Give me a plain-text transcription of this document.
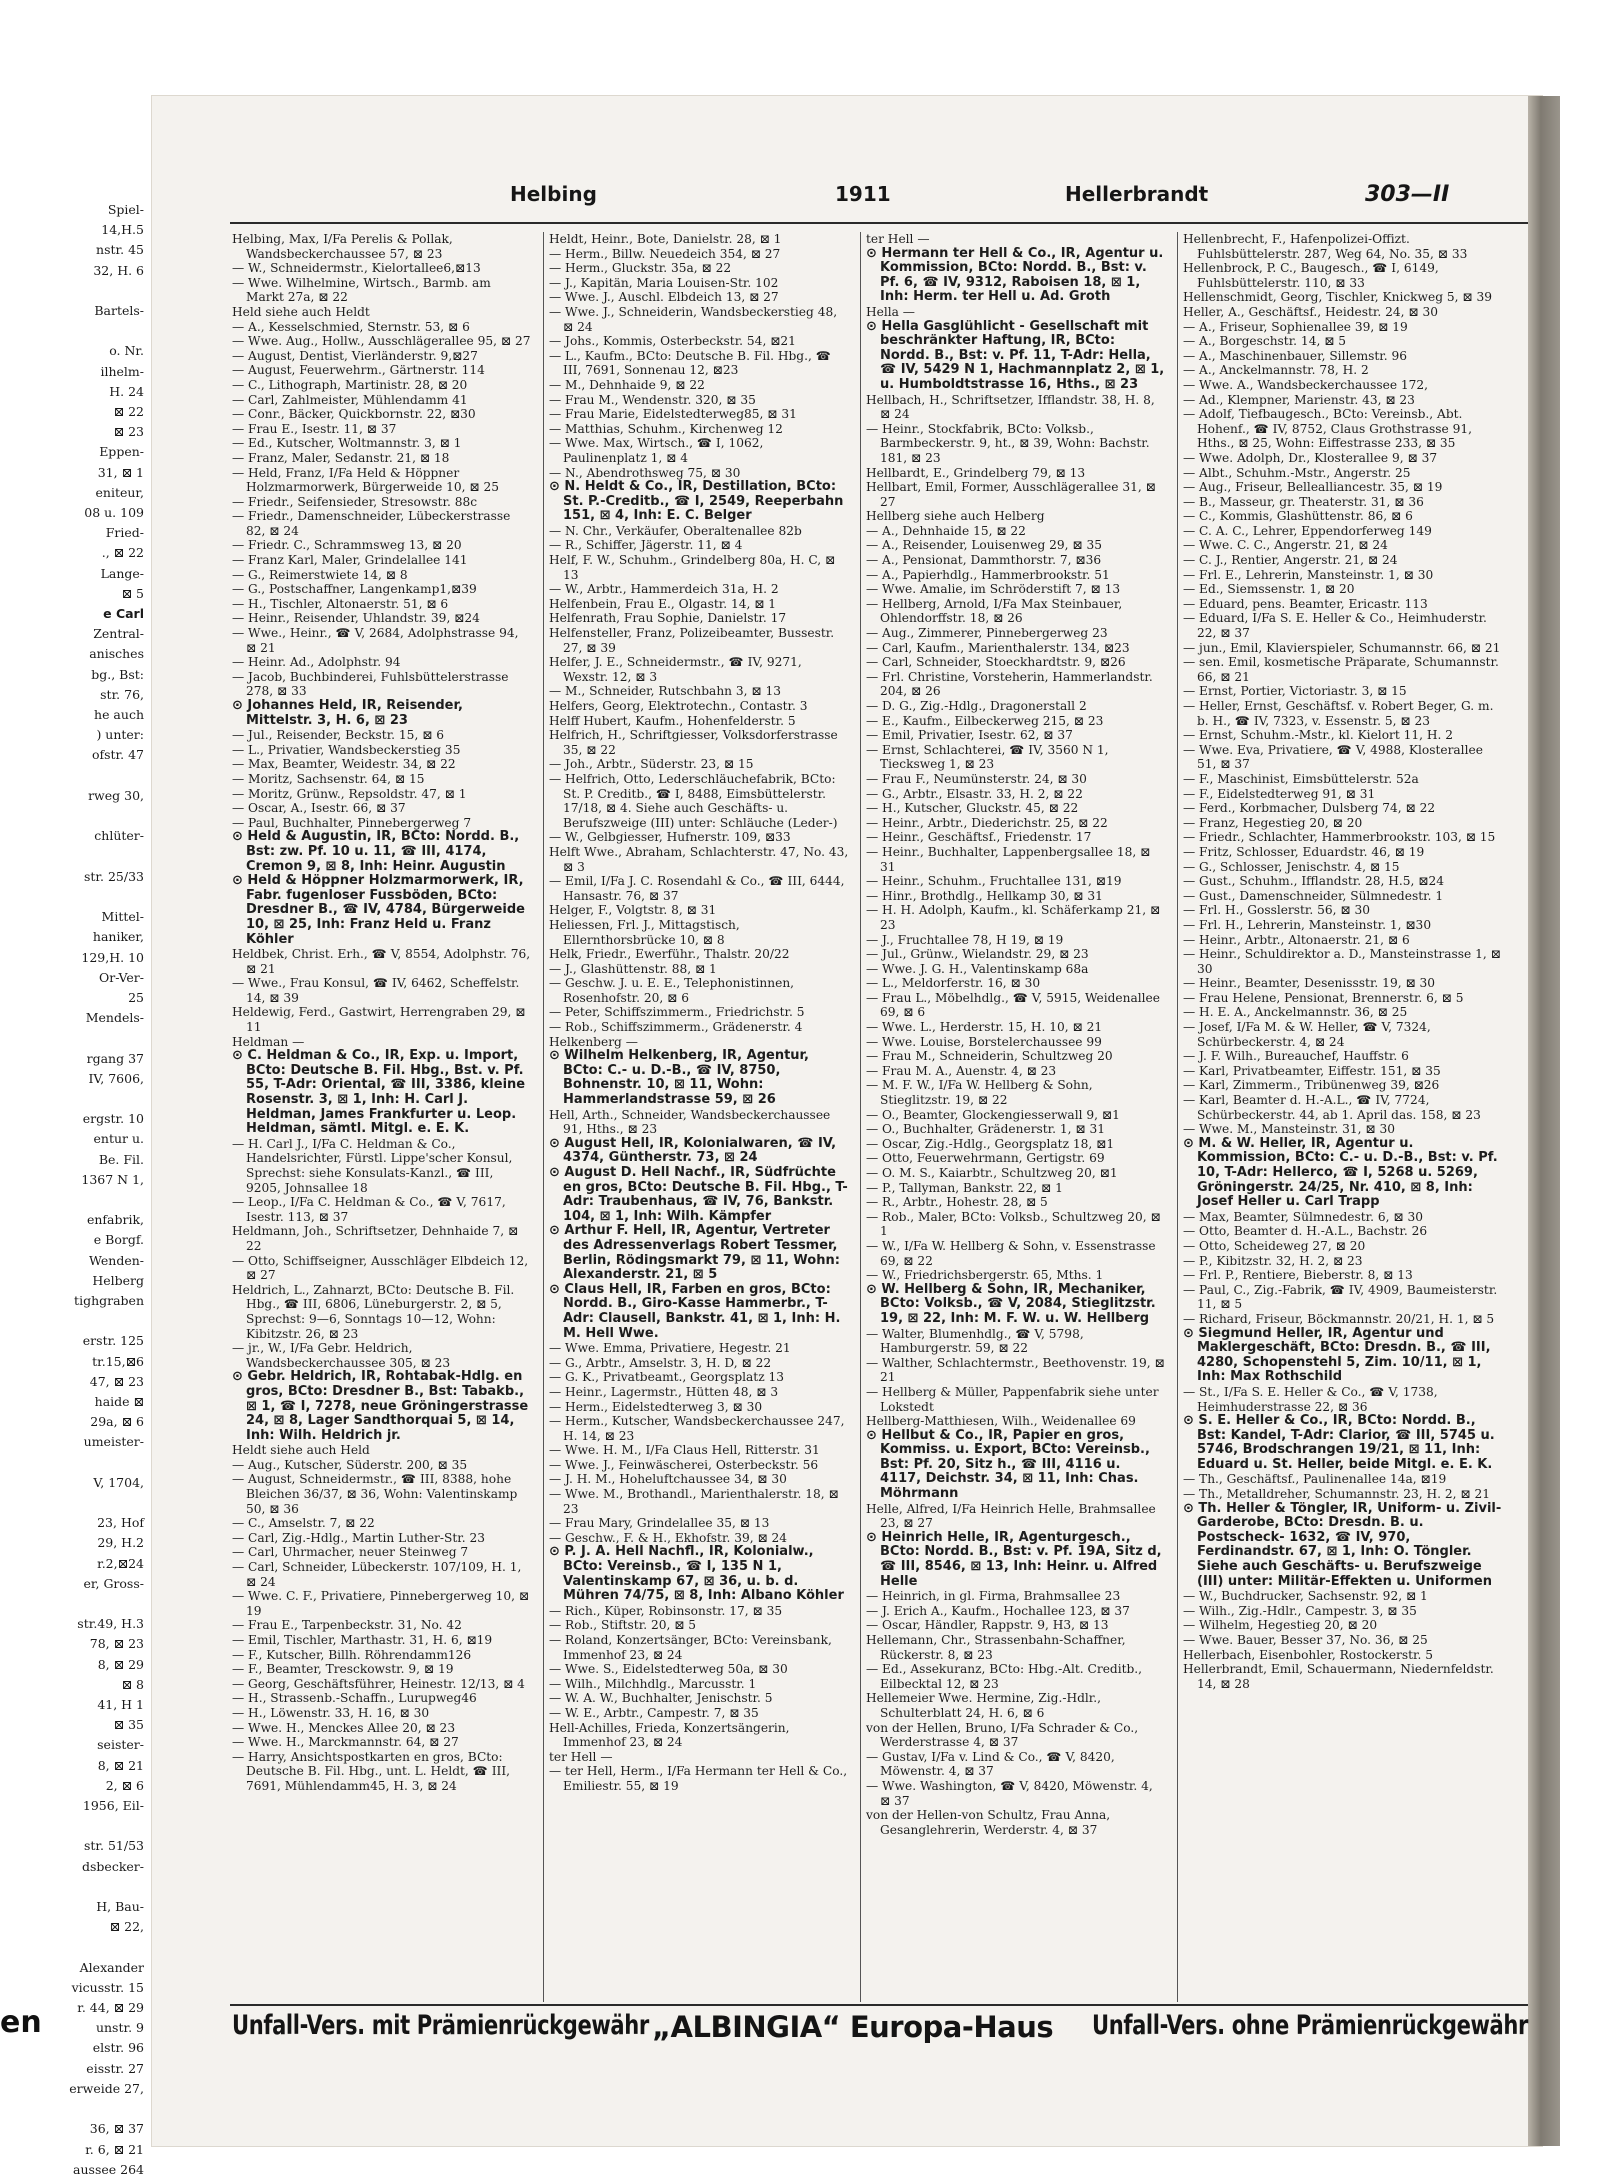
Spiel-
14,H.5
nstr. 45
32, H. 6

Bartels-

o. Nr.
ilhelm-
H. 24
⊠ 22
⊠ 23
Eppen-
31, ⊠ 1
eniteur,
08 u. 109
Fried-
., ⊠ 22
Lange-
⊠ 5
e Carl
Zentral-
anisches
bg., Bst:
str. 76,
he auch
) unter:
ofstr. 47

rweg 30,

chlüter-

str. 25/33

Mittel-
haniker,
129,H. 10
Or-Ver-
25
Mendels-

rgang 37
IV, 7606,

ergstr. 10
entur u.
Be. Fil.
1367 N 1,

enfabrik,
e Borgf.
Wenden-
Helberg
tighgraben

erstr. 125
tr.15,⊠6
47, ⊠ 23
haide ⊠
29a, ⊠ 6
umeister-

V, 1704,

23, Hof
29, H.2
r.2,⊠24
er, Gross-

str.49, H.3
78, ⊠ 23
8, ⊠ 29
⊠ 8
41, H 1
⊠ 35
seister-
8, ⊠ 21
2, ⊠ 6
1956, Eil-

str. 51/53
dsbecker-

H, Bau-
⊠ 22,

Alexander
vicusstr. 15
r. 44, ⊠ 29
unstr. 9
elstr. 96
eisstr. 27
erweide 27,

36, ⊠ 37
r. 6, ⊠ 21
aussee 264
en
Helbing	1911	Hellerbrandt	303—II

Helbing, Max, I/Fa Perelis & Pollak, Wandsbeckerchaussee 57, ⊠ 23

— W., Schneidermstr., Kielortallee6,⊠13

— Wwe. Wilhelmine, Wirtsch., Barmb. am Markt 27a, ⊠ 22

Held siehe auch Heldt

— A., Kesselschmied, Sternstr. 53, ⊠ 6

— Wwe. Aug., Hollw., Ausschlägerallee 95, ⊠ 27

— August, Dentist, Vierländerstr. 9,⊠27

— August, Feuerwehrm., Gärtnerstr. 114

— C., Lithograph, Martinistr. 28, ⊠ 20

— Carl, Zahlmeister, Mühlendamm 41

— Conr., Bäcker, Quickbornstr. 22, ⊠30

— Frau E., Isestr. 11, ⊠ 37

— Ed., Kutscher, Woltmannstr. 3, ⊠ 1

— Franz, Maler, Sedanstr. 21, ⊠ 18

— Held, Franz, I/Fa Held & Höppner Holzmarmorwerk, Bürgerweide 10, ⊠ 25

— Friedr., Seifensieder, Stresowstr. 88c

— Friedr., Damenschneider, Lübeckerstrasse 82, ⊠ 24

— Friedr. C., Schrammsweg 13, ⊠ 20

— Franz Karl, Maler, Grindelallee 141

— G., Reimerstwiete 14, ⊠ 8

— G., Postschaffner, Langenkamp1,⊠39

— H., Tischler, Altonaerstr. 51, ⊠ 6

— Heinr., Reisender, Uhlandstr. 39, ⊠24

— Wwe., Heinr., ☎ V, 2684, Adolphstrasse 94, ⊠ 21

— Heinr. Ad., Adolphstr. 94

— Jacob, Buchbinderei, Fuhlsbüttelerstrasse 278, ⊠ 33

⊙ Johannes Held, IR, Reisender, Mittelstr. 3, H. 6, ⊠ 23

— Jul., Reisender, Beckstr. 15, ⊠ 6

— L., Privatier, Wandsbeckerstieg 35

— Max, Beamter, Weidestr. 34, ⊠ 22

— Moritz, Sachsenstr. 64, ⊠ 15

— Moritz, Grünw., Repsoldstr. 47, ⊠ 1

— Oscar, A., Isestr. 66, ⊠ 37

— Paul, Buchhalter, Pinnebergerweg 7

⊙ Held & Augustin, IR, BCto: Nordd. B., Bst: zw. Pf. 10 u. 11, ☎ III, 4174, Cremon 9, ⊠ 8, Inh: Heinr. Augustin

⊙ Held & Höppner Holzmarmorwerk, IR, Fabr. fugenloser Fussböden, BCto: Dresdner B., ☎ IV, 4784, Bürgerweide 10, ⊠ 25, Inh: Franz Held u. Franz Köhler

Heldbek, Christ. Erh., ☎ V, 8554, Adolphstr. 76, ⊠ 21

— Wwe., Frau Konsul, ☎ IV, 6462, Scheffelstr. 14, ⊠ 39

Heldewig, Ferd., Gastwirt, Herrengraben 29, ⊠ 11

Heldman —

⊙ C. Heldman & Co., IR, Exp. u. Import, BCto: Deutsche B. Fil. Hbg., Bst. v. Pf. 55, T-Adr: Oriental, ☎ III, 3386, kleine Rosenstr. 3, ⊠ 1, Inh: H. Carl J. Heldman, James Frankfurter u. Leop. Heldman, sämtl. Mitgl. e. E. K.

— H. Carl J., I/Fa C. Heldman & Co., Handelsrichter, Fürstl. Lippe'scher Konsul, Sprechst: siehe Konsulats-Kanzl., ☎ III, 9205, Johnsallee 18

— Leop., I/Fa C. Heldman & Co., ☎ V, 7617, Isestr. 113, ⊠ 37

Heldmann, Joh., Schriftsetzer, Dehnhaide 7, ⊠ 22

— Otto, Schiffseigner, Ausschläger Elbdeich 12, ⊠ 27

Heldrich, L., Zahnarzt, BCto: Deutsche B. Fil. Hbg., ☎ III, 6806, Lüneburgerstr. 2, ⊠ 5, Sprechst: 9—6, Sonntags 10—12, Wohn: Kibitzstr. 26, ⊠ 23

— jr., W., I/Fa Gebr. Heldrich, Wandsbeckerchaussee 305, ⊠ 23

⊙ Gebr. Heldrich, IR, Rohtabak-Hdlg. en gros, BCto: Dresdner B., Bst: Tabakb., ⊠ 1, ☎ I, 7278, neue Gröningerstrasse 24, ⊠ 8, Lager Sandthorquai 5, ⊠ 14, Inh: Wilh. Heldrich jr.

Heldt siehe auch Held

— Aug., Kutscher, Süderstr. 200, ⊠ 35

— August, Schneidermstr., ☎ III, 8388, hohe Bleichen 36/37, ⊠ 36, Wohn: Valentinskamp 50, ⊠ 36

— C., Amselstr. 7, ⊠ 22

— Carl, Zig.-Hdlg., Martin Luther-Str. 23

— Carl, Uhrmacher, neuer Steinweg 7

— Carl, Schneider, Lübeckerstr. 107/109, H. 1, ⊠ 24

— Wwe. C. F., Privatiere, Pinnebergerweg 10, ⊠ 19

— Frau E., Tarpenbeckstr. 31, No. 42

— Emil, Tischler, Marthastr. 31, H. 6, ⊠19

— F., Kutscher, Billh. Röhrendamm126

— F., Beamter, Tresckowstr. 9, ⊠ 19

— Georg, Geschäftsführer, Heinestr. 12/13, ⊠ 4

— H., Strassenb.-Schaffn., Lurupweg46

— H., Löwenstr. 33, H. 16, ⊠ 30

— Wwe. H., Menckes Allee 20, ⊠ 23

— Wwe. H., Marckmannstr. 64, ⊠ 27

— Harry, Ansichtspostkarten en gros, BCto: Deutsche B. Fil. Hbg., unt. L. Heldt, ☎ III, 7691, Mühlendamm45, H. 3, ⊠ 24

Heldt, Heinr., Bote, Danielstr. 28, ⊠ 1

— Herm., Billw. Neuedeich 354, ⊠ 27

— Herm., Gluckstr. 35a, ⊠ 22

— J., Kapitän, Maria Louisen-Str. 102

— Wwe. J., Auschl. Elbdeich 13, ⊠ 27

— Wwe. J., Schneiderin, Wandsbeckerstieg 48, ⊠ 24

— Johs., Kommis, Osterbeckstr. 54, ⊠21

— L., Kaufm., BCto: Deutsche B. Fil. Hbg., ☎ III, 7691, Sonnenau 12, ⊠23

— M., Dehnhaide 9, ⊠ 22

— Frau M., Wendenstr. 320, ⊠ 35

— Frau Marie, Eidelstedterweg85, ⊠ 31

— Matthias, Schuhm., Kirchenweg 12

— Wwe. Max, Wirtsch., ☎ I, 1062, Paulinenplatz 1, ⊠ 4

— N., Abendrothsweg 75, ⊠ 30

⊙ N. Heldt & Co., IR, Destillation, BCto: St. P.-Creditb., ☎ I, 2549, Reeperbahn 151, ⊠ 4, Inh: E. C. Belger

— N. Chr., Verkäufer, Oberaltenallee 82b

— R., Schiffer, Jägerstr. 11, ⊠ 4

Helf, F. W., Schuhm., Grindelberg 80a, H. C, ⊠ 13

— W., Arbtr., Hammerdeich 31a, H. 2

Helfenbein, Frau E., Olgastr. 14, ⊠ 1

Helfenrath, Frau Sophie, Danielstr. 17

Helfensteller, Franz, Polizeibeamter, Bussestr. 27, ⊠ 39

Helfer, J. E., Schneidermstr., ☎ IV, 9271, Wexstr. 12, ⊠ 3

— M., Schneider, Rutschbahn 3, ⊠ 13

Helfers, Georg, Elektrotechn., Contastr. 3

Helff Hubert, Kaufm., Hohenfelderstr. 5

Helfrich, H., Schriftgiesser, Volksdorferstrasse 35, ⊠ 22

— Joh., Arbtr., Süderstr. 23, ⊠ 15

— Helfrich, Otto, Lederschläuchefabrik, BCto: St. P. Creditb., ☎ I, 8488, Eimsbüttelerstr. 17/18, ⊠ 4. Siehe auch Geschäfts- u. Berufszweige (III) unter: Schläuche (Leder-)

— W., Gelbgiesser, Hufnerstr. 109, ⊠33

Helft Wwe., Abraham, Schlachterstr. 47, No. 43, ⊠ 3

— Emil, I/Fa J. C. Rosendahl & Co., ☎ III, 6444, Hansastr. 76, ⊠ 37

Helger, F., Volgtstr. 8, ⊠ 31

Heliessen, Frl. J., Mittagstisch, Ellernthorsbrücke 10, ⊠ 8

Helk, Friedr., Ewerführ., Thalstr. 20/22

— J., Glashüttenstr. 88, ⊠ 1

— Geschw. J. u. E. E., Telephonistinnen, Rosenhofstr. 20, ⊠ 6

— Peter, Schiffszimmerm., Friedrichstr. 5

— Rob., Schiffszimmerm., Grädenerstr. 4

Helkenberg —

⊙ Wilhelm Helkenberg, IR, Agentur, BCto: C.- u. D.-B., ☎ IV, 8750, Bohnenstr. 10, ⊠ 11, Wohn: Hammerlandstrasse 59, ⊠ 26

Hell, Arth., Schneider, Wandsbeckerchaussee 91, Hths., ⊠ 23

⊙ August Hell, IR, Kolonialwaren, ☎ IV, 4374, Güntherstr. 73, ⊠ 24

⊙ August D. Hell Nachf., IR, Südfrüchte en gros, BCto: Deutsche B. Fil. Hbg., T-Adr: Traubenhaus, ☎ IV, 76, Bankstr. 104, ⊠ 1, Inh: Wilh. Kämpfer

⊙ Arthur F. Hell, IR, Agentur, Vertreter des Adressenverlags Robert Tessmer, Berlin, Rödingsmarkt 79, ⊠ 11, Wohn: Alexanderstr. 21, ⊠ 5

⊙ Claus Hell, IR, Farben en gros, BCto: Nordd. B., Giro-Kasse Hammerbr., T-Adr: Clausell, Bankstr. 41, ⊠ 1, Inh: H. M. Hell Wwe.

— Wwe. Emma, Privatiere, Hegestr. 21

— G., Arbtr., Amselstr. 3, H. D, ⊠ 22

— G. K., Privatbeamt., Georgsplatz 13

— Heinr., Lagermstr., Hütten 48, ⊠ 3

— Herm., Eidelstedterweg 3, ⊠ 30

— Herm., Kutscher, Wandsbeckerchaussee 247, H. 14, ⊠ 23

— Wwe. H. M., I/Fa Claus Hell, Ritterstr. 31

— Wwe. J., Feinwäscherei, Osterbeckstr. 56

— J. H. M., Hoheluftchaussee 34, ⊠ 30

— Wwe. M., Brothandl., Marienthalerstr. 18, ⊠ 23

— Frau Mary, Grindelallee 35, ⊠ 13

— Geschw., F. & H., Ekhofstr. 39, ⊠ 24

⊙ P. J. A. Hell Nachfl., IR, Kolonialw., BCto: Vereinsb., ☎ I, 135 N 1, Valentinskamp 67, ⊠ 36, u. b. d. Mühren 74/75, ⊠ 8, Inh: Albano Köhler

— Rich., Küper, Robinsonstr. 17, ⊠ 35

— Rob., Stiftstr. 20, ⊠ 5

— Roland, Konzertsänger, BCto: Vereinsbank, Immenhof 23, ⊠ 24

— Wwe. S., Eidelstedterweg 50a, ⊠ 30

— Wilh., Milchhdlg., Marcusstr. 1

— W. A. W., Buchhalter, Jenischstr. 5

— W. E., Arbtr., Campestr. 7, ⊠ 35

Hell-Achilles, Frieda, Konzertsängerin, Immenhof 23, ⊠ 24

ter Hell —

— ter Hell, Herm., I/Fa Hermann ter Hell & Co., Emiliestr. 55, ⊠ 19

ter Hell —

⊙ Hermann ter Hell & Co., IR, Agentur u. Kommission, BCto: Nordd. B., Bst: v. Pf. 6, ☎ IV, 9312, Raboisen 18, ⊠ 1, Inh: Herm. ter Hell u. Ad. Groth

Hella —

⊙ Hella Gasglühlicht - Gesellschaft mit beschränkter Haftung, IR, BCto: Nordd. B., Bst: v. Pf. 11, T-Adr: Hella, ☎ IV, 5429 N 1, Hachmannplatz 2, ⊠ 1, u. Humboldtstrasse 16, Hths., ⊠ 23

Hellbach, H., Schriftsetzer, Ifflandstr. 38, H. 8, ⊠ 24

— Heinr., Stockfabrik, BCto: Volksb., Barmbeckerstr. 9, ht., ⊠ 39, Wohn: Bachstr. 181, ⊠ 23

Hellbardt, E., Grindelberg 79, ⊠ 13

Hellbart, Emil, Former, Ausschlägerallee 31, ⊠ 27

Hellberg siehe auch Helberg

— A., Dehnhaide 15, ⊠ 22

— A., Reisender, Louisenweg 29, ⊠ 35

— A., Pensionat, Dammthorstr. 7, ⊠36

— A., Papierhdlg., Hammerbrookstr. 51

— Wwe. Amalie, im Schröderstift 7, ⊠ 13

— Hellberg, Arnold, I/Fa Max Steinbauer, Ohlendorffstr. 18, ⊠ 26

— Aug., Zimmerer, Pinnebergerweg 23

— Carl, Kaufm., Marienthalerstr. 134, ⊠23

— Carl, Schneider, Stoeckhardtstr. 9, ⊠26

— Frl. Christine, Vorsteherin, Hammerlandstr. 204, ⊠ 26

— D. G., Zig.-Hdlg., Dragonerstall 2

— E., Kaufm., Eilbeckerweg 215, ⊠ 23

— Emil, Privatier, Isestr. 62, ⊠ 37

— Ernst, Schlachterei, ☎ IV, 3560 N 1, Tiecksweg 1, ⊠ 23

— Frau F., Neumünsterstr. 24, ⊠ 30

— G., Arbtr., Elsastr. 33, H. 2, ⊠ 22

— H., Kutscher, Gluckstr. 45, ⊠ 22

— Heinr., Arbtr., Diederichstr. 25, ⊠ 22

— Heinr., Geschäftsf., Friedenstr. 17

— Heinr., Buchhalter, Lappenbergsallee 18, ⊠ 31

— Heinr., Schuhm., Fruchtallee 131, ⊠19

— Hinr., Brothdlg., Hellkamp 30, ⊠ 31

— H. H. Adolph, Kaufm., kl. Schäferkamp 21, ⊠ 23

— J., Fruchtallee 78, H 19, ⊠ 19

— Jul., Grünw., Wielandstr. 29, ⊠ 23

— Wwe. J. G. H., Valentinskamp 68a

— L., Meldorferstr. 16, ⊠ 30

— Frau L., Möbelhdlg., ☎ V, 5915, Weidenallee 69, ⊠ 6

— Wwe. L., Herderstr. 15, H. 10, ⊠ 21

— Wwe. Louise, Borstelerchaussee 99

— Frau M., Schneiderin, Schultzweg 20

— Frau M. A., Auenstr. 4, ⊠ 23

— M. F. W., I/Fa W. Hellberg & Sohn, Stieglitzstr. 19, ⊠ 22

— O., Beamter, Glockengiesserwall 9, ⊠1

— O., Buchhalter, Grädenerstr. 1, ⊠ 31

— Oscar, Zig.-Hdlg., Georgsplatz 18, ⊠1

— Otto, Feuerwehrmann, Gertigstr. 69

— O. M. S., Kaiarbtr., Schultzweg 20, ⊠1

— P., Tallyman, Bankstr. 22, ⊠ 1

— R., Arbtr., Hohestr. 28, ⊠ 5

— Rob., Maler, BCto: Volksb., Schultzweg 20, ⊠ 1

— W., I/Fa W. Hellberg & Sohn, v. Essenstrasse 69, ⊠ 22

— W., Friedrichsbergerstr. 65, Mths. 1

⊙ W. Hellberg & Sohn, IR, Mechaniker, BCto: Volksb., ☎ V, 2084, Stieglitzstr. 19, ⊠ 22, Inh: M. F. W. u. W. Hellberg

— Walter, Blumenhdlg., ☎ V, 5798, Hamburgerstr. 59, ⊠ 22

— Walther, Schlachtermstr., Beethovenstr. 19, ⊠ 21

— Hellberg & Müller, Pappenfabrik siehe unter Lokstedt

Hellberg-Matthiesen, Wilh., Weidenallee 69

⊙ Hellbut & Co., IR, Papier en gros, Kommiss. u. Export, BCto: Vereinsb., Bst: Pf. 20, Sitz h., ☎ III, 4116 u. 4117, Deichstr. 34, ⊠ 11, Inh: Chas. Möhrmann

Helle, Alfred, I/Fa Heinrich Helle, Brahmsallee 23, ⊠ 27

⊙ Heinrich Helle, IR, Agenturgesch., BCto: Nordd. B., Bst: v. Pf. 19A, Sitz d, ☎ III, 8546, ⊠ 13, Inh: Heinr. u. Alfred Helle

— Heinrich, in gl. Firma, Brahmsallee 23

— J. Erich A., Kaufm., Hochallee 123, ⊠ 37

— Oscar, Händler, Rappstr. 9, H3, ⊠ 13

Hellemann, Chr., Strassenbahn-Schaffner, Rückerstr. 8, ⊠ 23

— Ed., Assekuranz, BCto: Hbg.-Alt. Creditb., Eilbecktal 12, ⊠ 23

Hellemeier Wwe. Hermine, Zig.-Hdlr., Schulterblatt 24, H. 6, ⊠ 6

von der Hellen, Bruno, I/Fa Schrader & Co., Werderstrasse 4, ⊠ 37

— Gustav, I/Fa v. Lind & Co., ☎ V, 8420, Möwenstr. 4, ⊠ 37

— Wwe. Washington, ☎ V, 8420, Möwenstr. 4, ⊠ 37

von der Hellen-von Schultz, Frau Anna, Gesanglehrerin, Werderstr. 4, ⊠ 37

Hellenbrecht, F., Hafenpolizei-Offizt. Fuhlsbüttelerstr. 287, Weg 64, No. 35, ⊠ 33

Hellenbrock, P. C., Baugesch., ☎ I, 6149, Fuhlsbüttelerstr. 110, ⊠ 33

Hellenschmidt, Georg, Tischler, Knickweg 5, ⊠ 39

Heller, A., Geschäftsf., Heidestr. 24, ⊠ 30

— A., Friseur, Sophienallee 39, ⊠ 19

— A., Borgeschstr. 14, ⊠ 5

— A., Maschinenbauer, Sillemstr. 96

— A., Anckelmannstr. 78, H. 2

— Wwe. A., Wandsbeckerchaussee 172,

— Ad., Klempner, Marienstr. 43, ⊠ 23

— Adolf, Tiefbaugesch., BCto: Vereinsb., Abt. Hohenf., ☎ IV, 8752, Claus Grothstrasse 91, Hths., ⊠ 25, Wohn: Eiffestrasse 233, ⊠ 35

— Wwe. Adolph, Dr., Klosterallee 9, ⊠ 37

— Albt., Schuhm.-Mstr., Angerstr. 25

— Aug., Friseur, Bellealliancestr. 35, ⊠ 19

— B., Masseur, gr. Theaterstr. 31, ⊠ 36

— C., Kommis, Glashüttenstr. 86, ⊠ 6

— C. A. C., Lehrer, Eppendorferweg 149

— Wwe. C. C., Angerstr. 21, ⊠ 24

— C. J., Rentier, Angerstr. 21, ⊠ 24

— Frl. E., Lehrerin, Mansteinstr. 1, ⊠ 30

— Ed., Siemssenstr. 1, ⊠ 20

— Eduard, pens. Beamter, Ericastr. 113

— Eduard, I/Fa S. E. Heller & Co., Heimhuderstr. 22, ⊠ 37

— jun., Emil, Klavierspieler, Schumannstr. 66, ⊠ 21

— sen. Emil, kosmetische Präparate, Schumannstr. 66, ⊠ 21

— Ernst, Portier, Victoriastr. 3, ⊠ 15

— Heller, Ernst, Geschäftsf. v. Robert Beger, G. m. b. H., ☎ IV, 7323, v. Essenstr. 5, ⊠ 23

— Ernst, Schuhm.-Mstr., kl. Kielort 11, H. 2

— Wwe. Eva, Privatiere, ☎ V, 4988, Klosterallee 51, ⊠ 37

— F., Maschinist, Eimsbüttelerstr. 52a

— F., Eidelstedterweg 91, ⊠ 31

— Ferd., Korbmacher, Dulsberg 74, ⊠ 22

— Franz, Hegestieg 20, ⊠ 20

— Friedr., Schlachter, Hammerbrookstr. 103, ⊠ 15

— Fritz, Schlosser, Eduardstr. 46, ⊠ 19

— G., Schlosser, Jenischstr. 4, ⊠ 15

— Gust., Schuhm., Ifflandstr. 28, H.5, ⊠24

— Gust., Damenschneider, Sülmnedestr. 1

— Frl. H., Gosslerstr. 56, ⊠ 30

— Frl. H., Lehrerin, Mansteinstr. 1, ⊠30

— Heinr., Arbtr., Altonaerstr. 21, ⊠ 6

— Heinr., Schuldirektor a. D., Mansteinstrasse 1, ⊠ 30

— Heinr., Beamter, Desenissstr. 19, ⊠ 30

— Frau Helene, Pensionat, Brennerstr. 6, ⊠ 5

— H. E. A., Anckelmannstr. 36, ⊠ 25

— Josef, I/Fa M. & W. Heller, ☎ V, 7324, Schürbeckerstr. 4, ⊠ 24

— J. F. Wilh., Bureauchef, Hauffstr. 6

— Karl, Privatbeamter, Eiffestr. 151, ⊠ 35

— Karl, Zimmerm., Tribünenweg 39, ⊠26

— Karl, Beamter d. H.-A.L., ☎ IV, 7724, Schürbeckerstr. 44, ab 1. April das. 158, ⊠ 23

— Wwe. M., Mansteinstr. 31, ⊠ 30

⊙ M. & W. Heller, IR, Agentur u. Kommission, BCto: C.- u. D.-B., Bst: v. Pf. 10, T-Adr: Hellerco, ☎ I, 5268 u. 5269, Gröningerstr. 24/25, Nr. 410, ⊠ 8, Inh: Josef Heller u. Carl Trapp

— Max, Beamter, Sülmnedestr. 6, ⊠ 30

— Otto, Beamter d. H.-A.L., Bachstr. 26

— Otto, Scheideweg 27, ⊠ 20

— P., Kibitzstr. 32, H. 2, ⊠ 23

— Frl. P., Rentiere, Bieberstr. 8, ⊠ 13

— Paul, C., Zig.-Fabrik, ☎ IV, 4909, Baumeisterstr. 11, ⊠ 5

— Richard, Friseur, Böckmannstr. 20/21, H. 1, ⊠ 5

⊙ Siegmund Heller, IR, Agentur und Maklergeschäft, BCto: Dresdn. B., ☎ III, 4280, Schopenstehl 5, Zim. 10/11, ⊠ 1, Inh: Max Rothschild

— St., I/Fa S. E. Heller & Co., ☎ V, 1738, Heimhuderstrasse 22, ⊠ 36

⊙ S. E. Heller & Co., IR, BCto: Nordd. B., Bst: Kandel, T-Adr: Clarior, ☎ III, 5745 u. 5746, Brodschrangen 19/21, ⊠ 11, Inh: Eduard u. St. Heller, beide Mitgl. e. E. K.

— Th., Geschäftsf., Paulinenallee 14a, ⊠19

— Th., Metalldreher, Schumannstr. 23, H. 2, ⊠ 21

⊙ Th. Heller & Töngler, IR, Uniform- u. Zivil-Garderobe, BCto: Dresdn. B. u. Postscheck- 1632, ☎ IV, 970, Ferdinandstr. 67, ⊠ 1, Inh: O. Töngler. Siehe auch Geschäfts- u. Berufszweige (III) unter: Militär-Effekten u. Uniformen

— W., Buchdrucker, Sachsenstr. 92, ⊠ 1

— Wilh., Zig.-Hdlr., Campestr. 3, ⊠ 35

— Wilhelm, Hegestieg 20, ⊠ 20

— Wwe. Bauer, Besser 37, No. 36, ⊠ 25

Hellerbach, Eisenbohler, Rostockerstr. 5

Hellerbrandt, Emil, Schauermann, Niedernfeldstr. 14, ⊠ 28

Unfall-Vers. mit Prämienrückgewähr „ALBINGIA“ Europa-Haus Unfall-Vers. ohne Prämienrückgewähr
